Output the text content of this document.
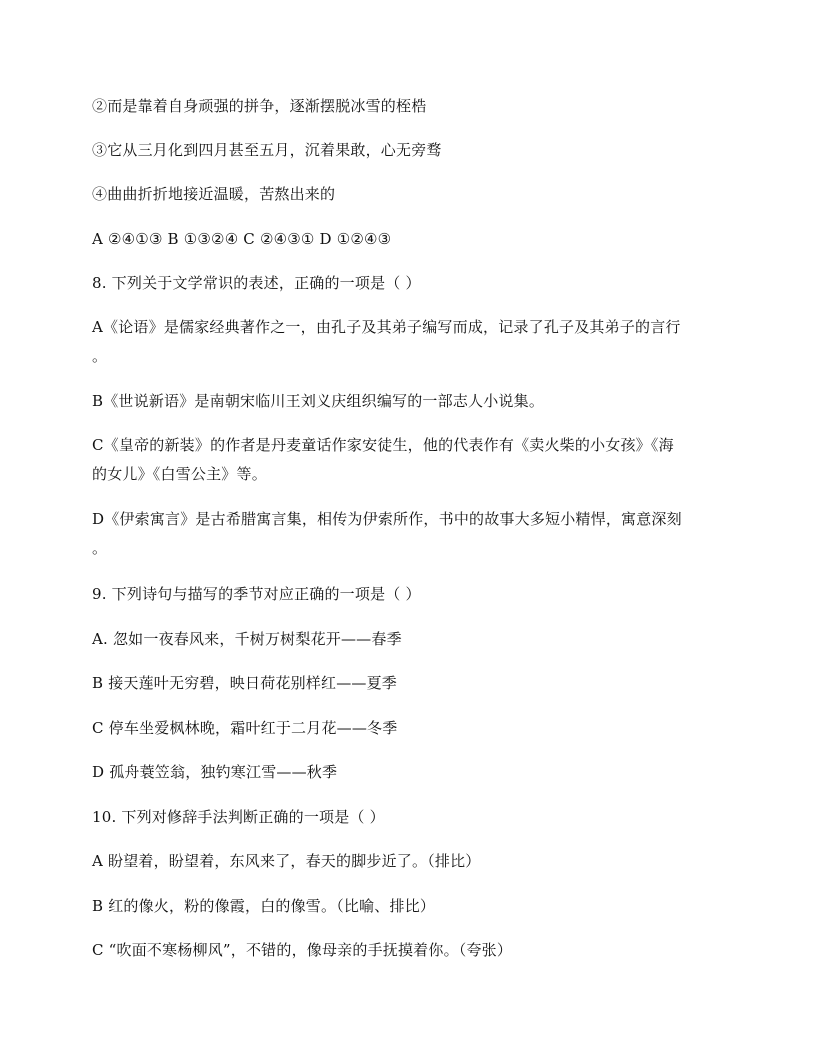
②而是靠着自身顽强的拼争，逐渐摆脱冰雪的桎梏
③它从三月化到四月甚至五月，沉着果敢，心无旁骛
④曲曲折折地接近温暖，苦熬出来的
A ②④①③ B ①③②④ C ②④③① D ①②④③
8. 下列关于文学常识的表述，正确的一项是（ ）
A《论语》是儒家经典著作之一，由孔子及其弟子编写而成，记录了孔子及其弟子的言行
。
B《世说新语》是南朝宋临川王刘义庆组织编写的一部志人小说集。
C《皇帝的新装》的作者是丹麦童话作家安徒生，他的代表作有《卖火柴的小女孩》《海
的女儿》《白雪公主》等。
D《伊索寓言》是古希腊寓言集，相传为伊索所作，书中的故事大多短小精悍，寓意深刻
。
9. 下列诗句与描写的季节对应正确的一项是（ ）
A. 忽如一夜春风来，千树万树梨花开——春季
B 接天莲叶无穷碧，映日荷花别样红——夏季
C 停车坐爱枫林晚，霜叶红于二月花——冬季
D 孤舟蓑笠翁，独钓寒江雪——秋季
10. 下列对修辞手法判断正确的一项是（ ）
A 盼望着，盼望着，东风来了，春天的脚步近了。（排比）
B 红的像火，粉的像霞，白的像雪。（比喻、排比）
C “吹面不寒杨柳风”，不错的，像母亲的手抚摸着你。（夸张）
